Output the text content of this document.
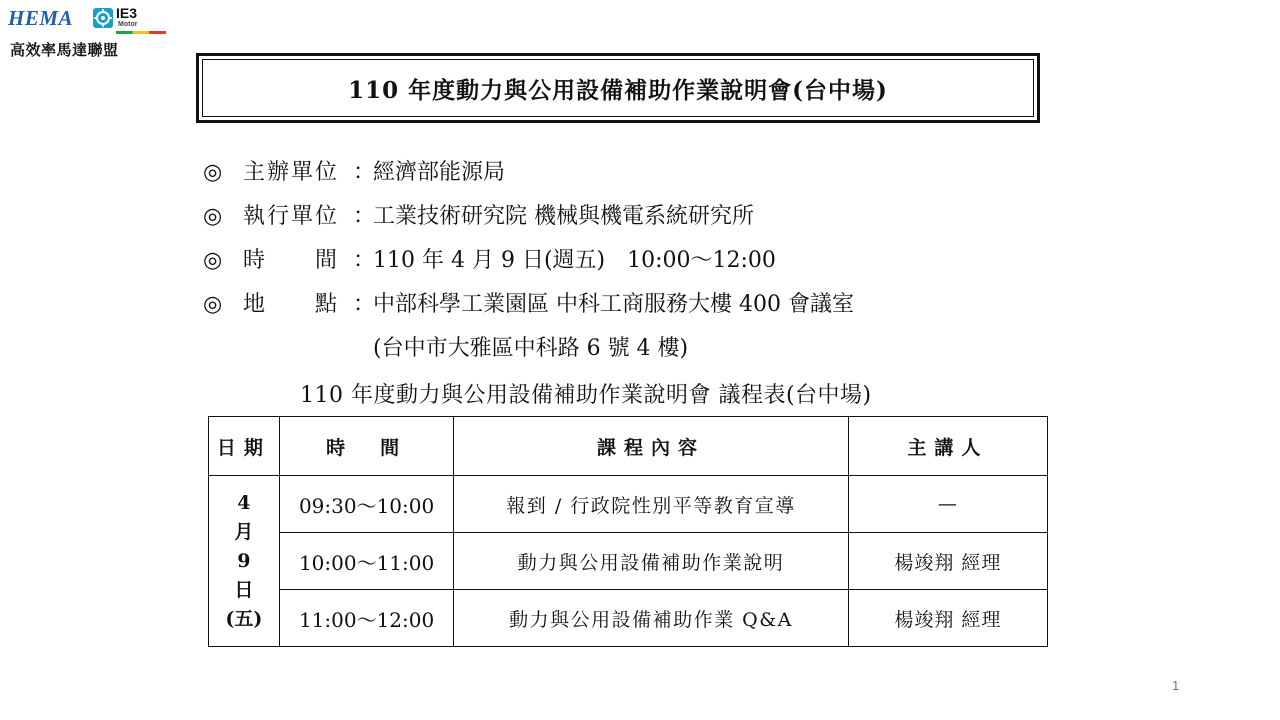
HEMA	IE3
Motor
高效率馬達聯盟
110 年度動力與公用設備補助作業說明會(台中場)
◎ 主辦單位 ：經濟部能源局
◎ 執行單位 ：工業技術研究院 機械與機電系統研究所
◎ 時　　間 ：110 年 4 月 9 日(週五)　10:00～12:00
◎ 地　　點 ：中部科學工業園區 中科工商服務大樓 400 會議室
(台中市大雅區中科路 6 號 4 樓)
110 年度動力與公用設備補助作業說明會 議程表(台中場)
日期	時　間	課程內容	主講人

4
月
9
日
(五)	09:30～10:00	報到 / 行政院性別平等教育宣導	—
	10:00～11:00	動力與公用設備補助作業說明	楊竣翔 經理
	11:00～12:00	動力與公用設備補助作業 Q&A	楊竣翔 經理
1
